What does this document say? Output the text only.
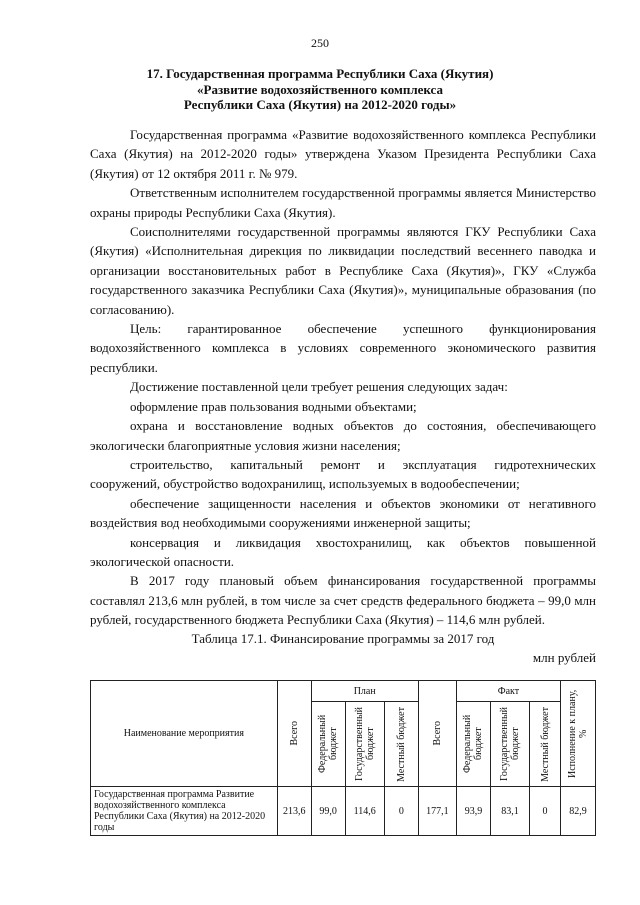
250
17. Государственная программа Республики Саха (Якутия)
«Развитие водохозяйственного комплекса
Республики Саха (Якутия) на 2012-2020 годы»

Государственная программа «Развитие водохозяйственного комплекса Республики Саха (Якутия) на 2012-2020 годы» утверждена Указом Президента Республики Саха (Якутия) от 12 октября 2011 г. № 979.

Ответственным исполнителем государственной программы является Министерство охраны природы Республики Саха (Якутия).

Соисполнителями государственной программы являются ГКУ Республики Саха (Якутия) «Исполнительная дирекция по ликвидации последствий весеннего паводка и организации восстановительных работ в Республике Саха (Якутия)», ГКУ «Служба государственного заказчика Республики Саха (Якутия)», муниципальные образования (по согласованию).

Цель: гарантированное обеспечение успешного функционирования водохозяйственного комплекса в условиях современного экономического развития республики.

Достижение поставленной цели требует решения следующих задач:

оформление прав пользования водными объектами;

охрана и восстановление водных объектов до состояния, обеспечивающего экологически благоприятные условия жизни населения;

строительство, капитальный ремонт и эксплуатация гидротехнических сооружений, обустройство водохранилищ, используемых в водообеспечении;

обеспечение защищенности населения и объектов экономики от негативного воздействия вод необходимыми сооружениями инженерной защиты;

консервация и ликвидация хвостохранилищ, как объектов повышенной экологической опасности.

В 2017 году плановый объем финансирования государственной программы составлял 213,6 млн рублей, в том числе за счет средств федерального бюджета – 99,0 млн рублей, государственного бюджета Республики Саха (Якутия) – 114,6 млн рублей.

Таблица 17.1. Финансирование программы за 2017 год
млн рублей
Наименование мероприятия	Всего	План			Всего	Факт			Исполнение к плану, %

		Федеральный бюджет	Государственный бюджет	Местный бюджет		Федеральный бюджет	Государственный бюджет	Местный бюджет	

Государственная программа Развитие водохозяйственного комплекса Республики Саха (Якутия) на 2012-2020 годы	213,6	99,0	114,6	0	177,1	93,9	83,1	0	82,9
